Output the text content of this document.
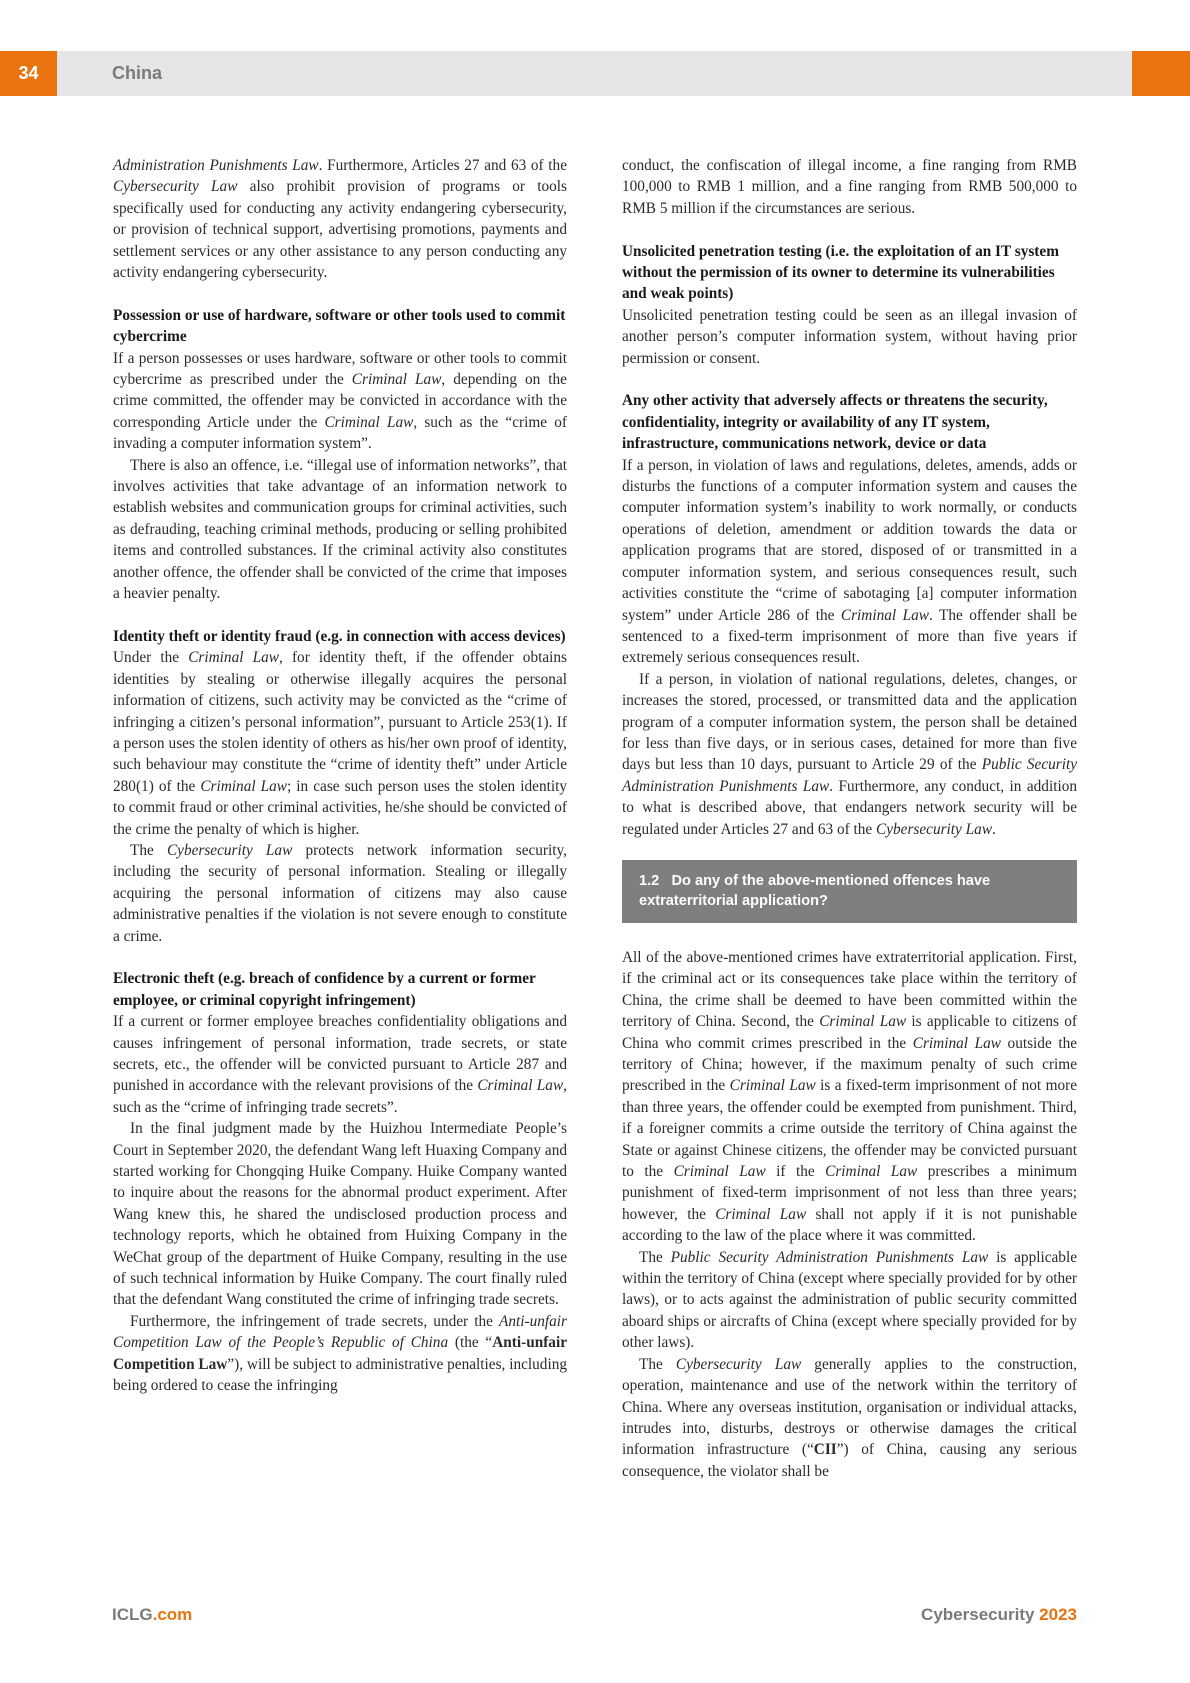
34	China

Administration Punishments Law. Furthermore, Articles 27 and 63 of the Cybersecurity Law also prohibit provision of programs or tools specifically used for conducting any activity endangering cybersecurity, or provision of technical support, advertising promotions, payments and settlement services or any other assistance to any person conducting any activity endangering cybersecurity.

Possession or use of hardware, software or other tools used to commit cybercrime

If a person possesses or uses hardware, software or other tools to commit cybercrime as prescribed under the Criminal Law, depending on the crime committed, the offender may be convicted in accordance with the corresponding Article under the Criminal Law, such as the “crime of invading a computer information system”.

There is also an offence, i.e. “illegal use of information networks”, that involves activities that take advantage of an information network to establish websites and communication groups for criminal activities, such as defrauding, teaching criminal methods, producing or selling prohibited items and controlled substances. If the criminal activity also constitutes another offence, the offender shall be convicted of the crime that imposes a heavier penalty.

Identity theft or identity fraud (e.g. in connection with access devices)

Under the Criminal Law, for identity theft, if the offender obtains identities by stealing or otherwise illegally acquires the personal information of citizens, such activity may be convicted as the “crime of infringing a citizen’s personal information”, pursuant to Article 253(1). If a person uses the stolen identity of others as his/her own proof of identity, such behaviour may constitute the “crime of identity theft” under Article 280(1) of the Criminal Law; in case such person uses the stolen identity to commit fraud or other criminal activities, he/she should be convicted of the crime the penalty of which is higher.

The Cybersecurity Law protects network information security, including the security of personal information. Stealing or illegally acquiring the personal information of citizens may also cause administrative penalties if the violation is not severe enough to constitute a crime.

Electronic theft (e.g. breach of confidence by a current or former employee, or criminal copyright infringement)

If a current or former employee breaches confidentiality obligations and causes infringement of personal information, trade secrets, or state secrets, etc., the offender will be convicted pursuant to Article 287 and punished in accordance with the relevant provisions of the Criminal Law, such as the “crime of infringing trade secrets”.

In the final judgment made by the Huizhou Intermediate People’s Court in September 2020, the defendant Wang left Huaxing Company and started working for Chongqing Huike Company. Huike Company wanted to inquire about the reasons for the abnormal product experiment. After Wang knew this, he shared the undisclosed production process and technology reports, which he obtained from Huixing Company in the WeChat group of the department of Huike Company, resulting in the use of such technical information by Huike Company. The court finally ruled that the defendant Wang constituted the crime of infringing trade secrets.

Furthermore, the infringement of trade secrets, under the Anti-unfair Competition Law of the People’s Republic of China (the “Anti-unfair Competition Law”), will be subject to administrative penalties, including being ordered to cease the infringing

conduct, the confiscation of illegal income, a fine ranging from RMB 100,000 to RMB 1 million, and a fine ranging from RMB 500,000 to RMB 5 million if the circumstances are serious.

Unsolicited penetration testing (i.e. the exploitation of an IT system without the permission of its owner to determine its vulnerabilities and weak points)

Unsolicited penetration testing could be seen as an illegal invasion of another person’s computer information system, without having prior permission or consent.

Any other activity that adversely affects or threatens the security, confidentiality, integrity or availability of any IT system, infrastructure, communications network, device or data

If a person, in violation of laws and regulations, deletes, amends, adds or disturbs the functions of a computer information system and causes the computer information system’s inability to work normally, or conducts operations of deletion, amendment or addition towards the data or application programs that are stored, disposed of or transmitted in a computer information system, and serious consequences result, such activities constitute the “crime of sabotaging [a] computer information system” under Article 286 of the Criminal Law. The offender shall be sentenced to a fixed-term imprisonment of more than five years if extremely serious consequences result.

If a person, in violation of national regulations, deletes, changes, or increases the stored, processed, or transmitted data and the application program of a computer information system, the person shall be detained for less than five days, or in serious cases, detained for more than five days but less than 10 days, pursuant to Article 29 of the Public Security Administration Punishments Law. Furthermore, any conduct, in addition to what is described above, that endangers network security will be regulated under Articles 27 and 63 of the Cybersecurity Law.

1.2 Do any of the above-mentioned offences have extraterritorial application?

All of the above-mentioned crimes have extraterritorial application. First, if the criminal act or its consequences take place within the territory of China, the crime shall be deemed to have been committed within the territory of China. Second, the Criminal Law is applicable to citizens of China who commit crimes prescribed in the Criminal Law outside the territory of China; however, if the maximum penalty of such crime prescribed in the Criminal Law is a fixed-term imprisonment of not more than three years, the offender could be exempted from punishment. Third, if a foreigner commits a crime outside the territory of China against the State or against Chinese citizens, the offender may be convicted pursuant to the Criminal Law if the Criminal Law prescribes a minimum punishment of fixed-term imprisonment of not less than three years; however, the Criminal Law shall not apply if it is not punishable according to the law of the place where it was committed.

The Public Security Administration Punishments Law is applicable within the territory of China (except where specially provided for by other laws), or to acts against the administration of public security committed aboard ships or aircrafts of China (except where specially provided for by other laws).

The Cybersecurity Law generally applies to the construction, operation, maintenance and use of the network within the territory of China. Where any overseas institution, organisation or individual attacks, intrudes into, disturbs, destroys or otherwise damages the critical information infrastructure (“CII”) of China, causing any serious consequence, the violator shall be

ICLG.com	Cybersecurity 2023
